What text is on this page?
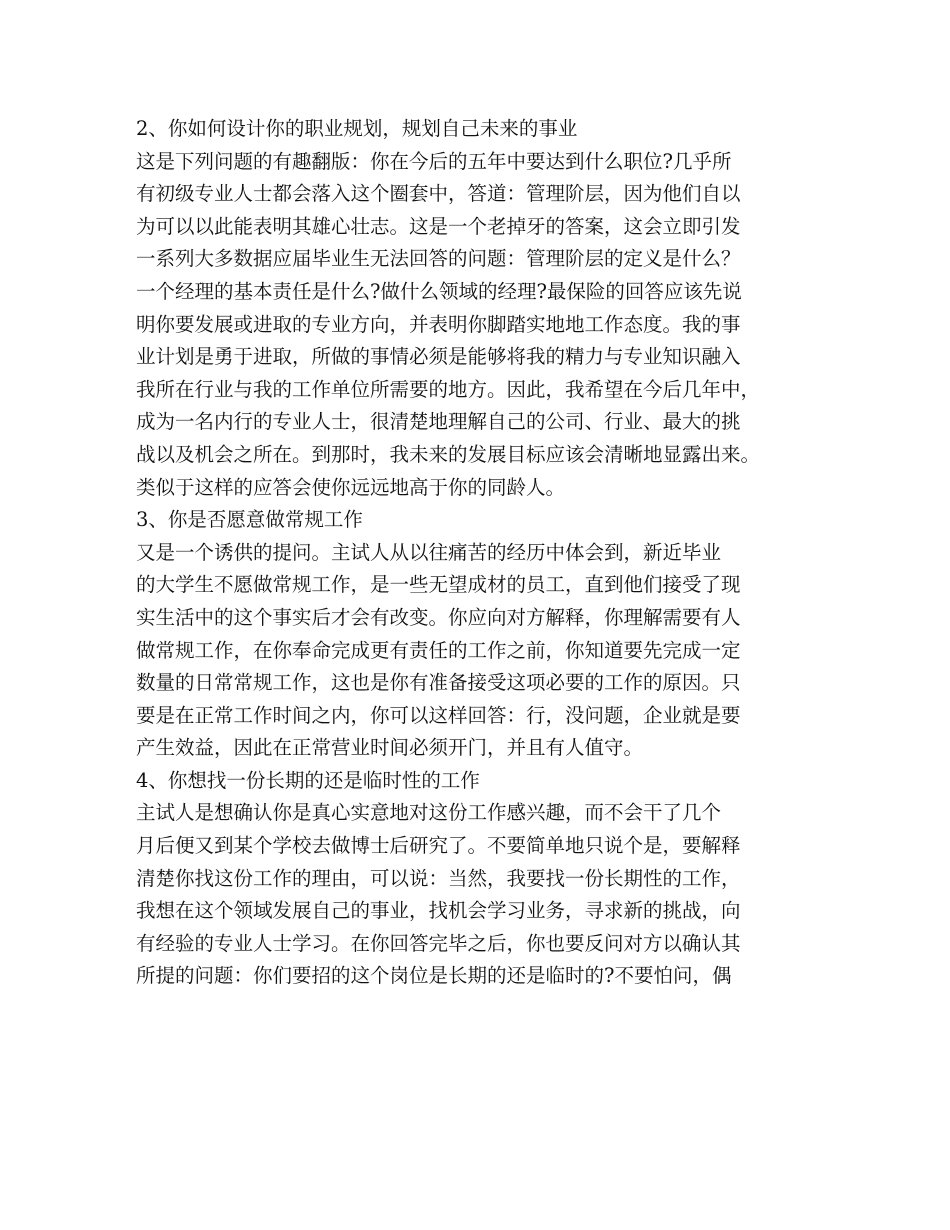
2、你如何设计你的职业规划，规划自己未来的事业
这是下列问题的有趣翻版：你在今后的五年中要达到什么职位?几乎所
有初级专业人士都会落入这个圈套中，答道：管理阶层，因为他们自以
为可以以此能表明其雄心壮志。这是一个老掉牙的答案，这会立即引发
一系列大多数据应届毕业生无法回答的问题：管理阶层的定义是什么？
一个经理的基本责任是什么?做什么领域的经理?最保险的回答应该先说
明你要发展或进取的专业方向，并表明你脚踏实地地工作态度。我的事
业计划是勇于进取，所做的事情必须是能够将我的精力与专业知识融入
我所在行业与我的工作单位所需要的地方。因此，我希望在今后几年中，
成为一名内行的专业人士，很清楚地理解自己的公司、行业、最大的挑
战以及机会之所在。到那时，我未来的发展目标应该会清晰地显露出来。
类似于这样的应答会使你远远地高于你的同龄人。
3、你是否愿意做常规工作
又是一个诱供的提问。主试人从以往痛苦的经历中体会到，新近毕业
的大学生不愿做常规工作，是一些无望成材的员工，直到他们接受了现
实生活中的这个事实后才会有改变。你应向对方解释，你理解需要有人
做常规工作，在你奉命完成更有责任的工作之前，你知道要先完成一定
数量的日常常规工作，这也是你有准备接受这项必要的工作的原因。只
要是在正常工作时间之内，你可以这样回答：行，没问题，企业就是要
产生效益，因此在正常营业时间必须开门，并且有人值守。
4、你想找一份长期的还是临时性的工作
主试人是想确认你是真心实意地对这份工作感兴趣，而不会干了几个
月后便又到某个学校去做博士后研究了。不要简单地只说个是，要解释
清楚你找这份工作的理由，可以说：当然，我要找一份长期性的工作，
我想在这个领域发展自己的事业，找机会学习业务，寻求新的挑战，向
有经验的专业人士学习。在你回答完毕之后，你也要反问对方以确认其
所提的问题：你们要招的这个岗位是长期的还是临时的?不要怕问，偶
